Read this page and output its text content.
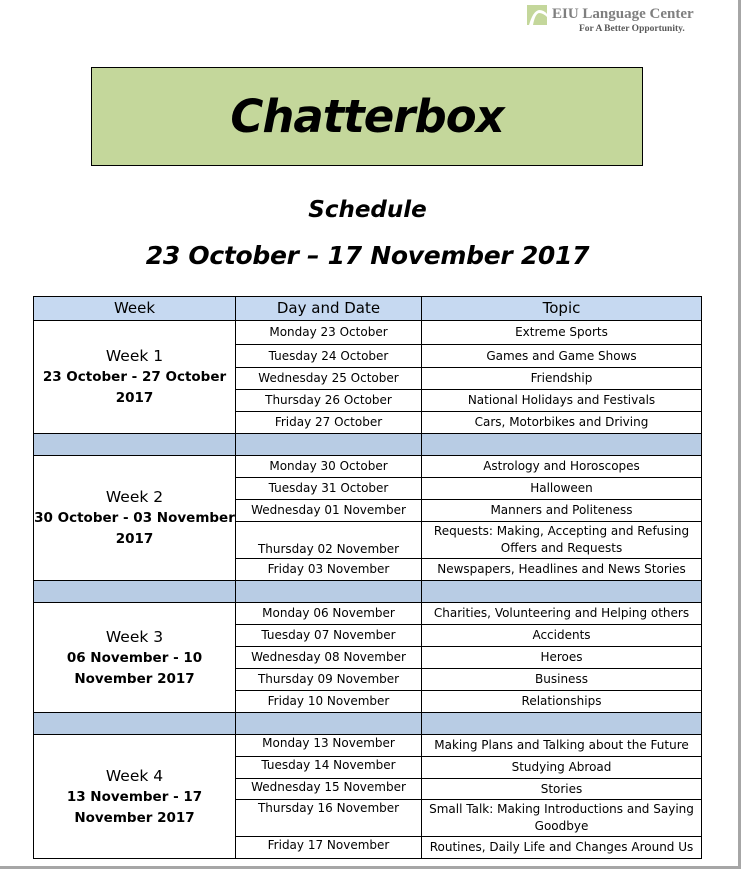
EIU Language Center
For A Better Opportunity.
Chatterbox
Schedule
23 October – 17 November 2017
Week	Day and Date	Topic

Week 1
23 October - 27 October 2017	Monday 23 October	Extreme Sports
	Tuesday 24 October	Games and Game Shows
	Wednesday 25 October	Friendship
	Thursday 26 October	National Holidays and Festivals
	Friday 27 October	Cars, Motorbikes and Driving

Week 2
30 October - 03 November 2017	Monday 30 October	Astrology and Horoscopes
	Tuesday 31 October	Halloween
	Wednesday 01 November	Manners and Politeness
	Thursday 02 November	Requests: Making, Accepting and Refusing Offers and Requests
	Friday 03 November	Newspapers, Headlines and News Stories

Week 3
06 November - 10 November 2017	Monday 06 November	Charities, Volunteering and Helping others
	Tuesday 07 November	Accidents
	Wednesday 08 November	Heroes
	Thursday 09 November	Business
	Friday 10 November	Relationships

Week 4
13 November - 17 November 2017	Monday 13 November	Making Plans and Talking about the Future
	Tuesday 14 November	Studying Abroad
	Wednesday 15 November	Stories
	Thursday 16 November	Small Talk: Making Introductions and Saying Goodbye
	Friday 17 November	Routines, Daily Life and Changes Around Us
